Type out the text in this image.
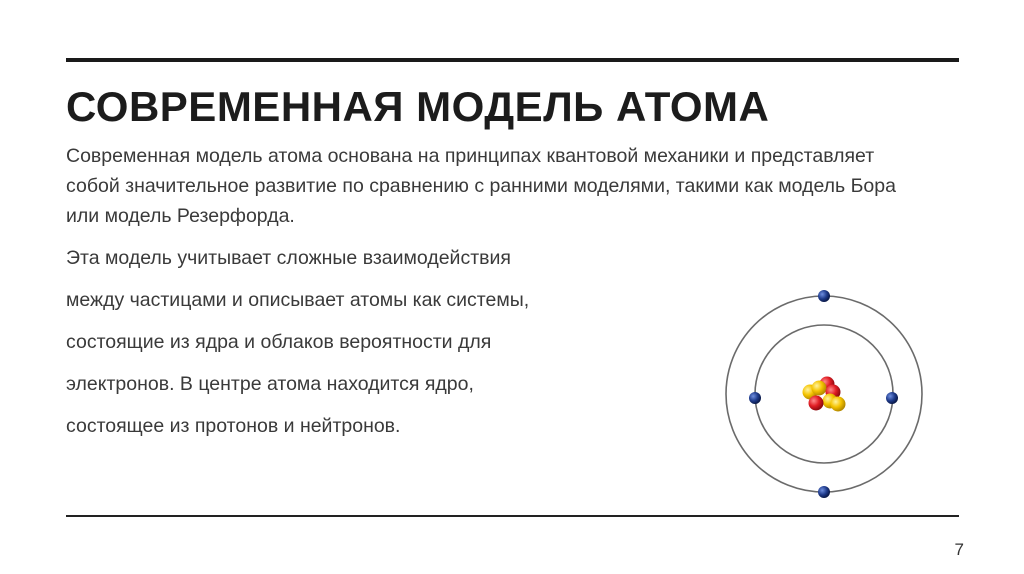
СОВРЕМЕННАЯ МОДЕЛЬ АТОМА

Современная модель атома основана на принципах квантовой механики и представляет собой значительное развитие по сравнению с ранними моделями, такими как модель Бора или модель Резерфорда.

Эта модель учитывает сложные взаимодействия
между частицами и описывает атомы как системы,
состоящие из ядра и облаков вероятности для
электронов. В центре атома находится ядро,
состоящее из протонов и нейтронов.
7
